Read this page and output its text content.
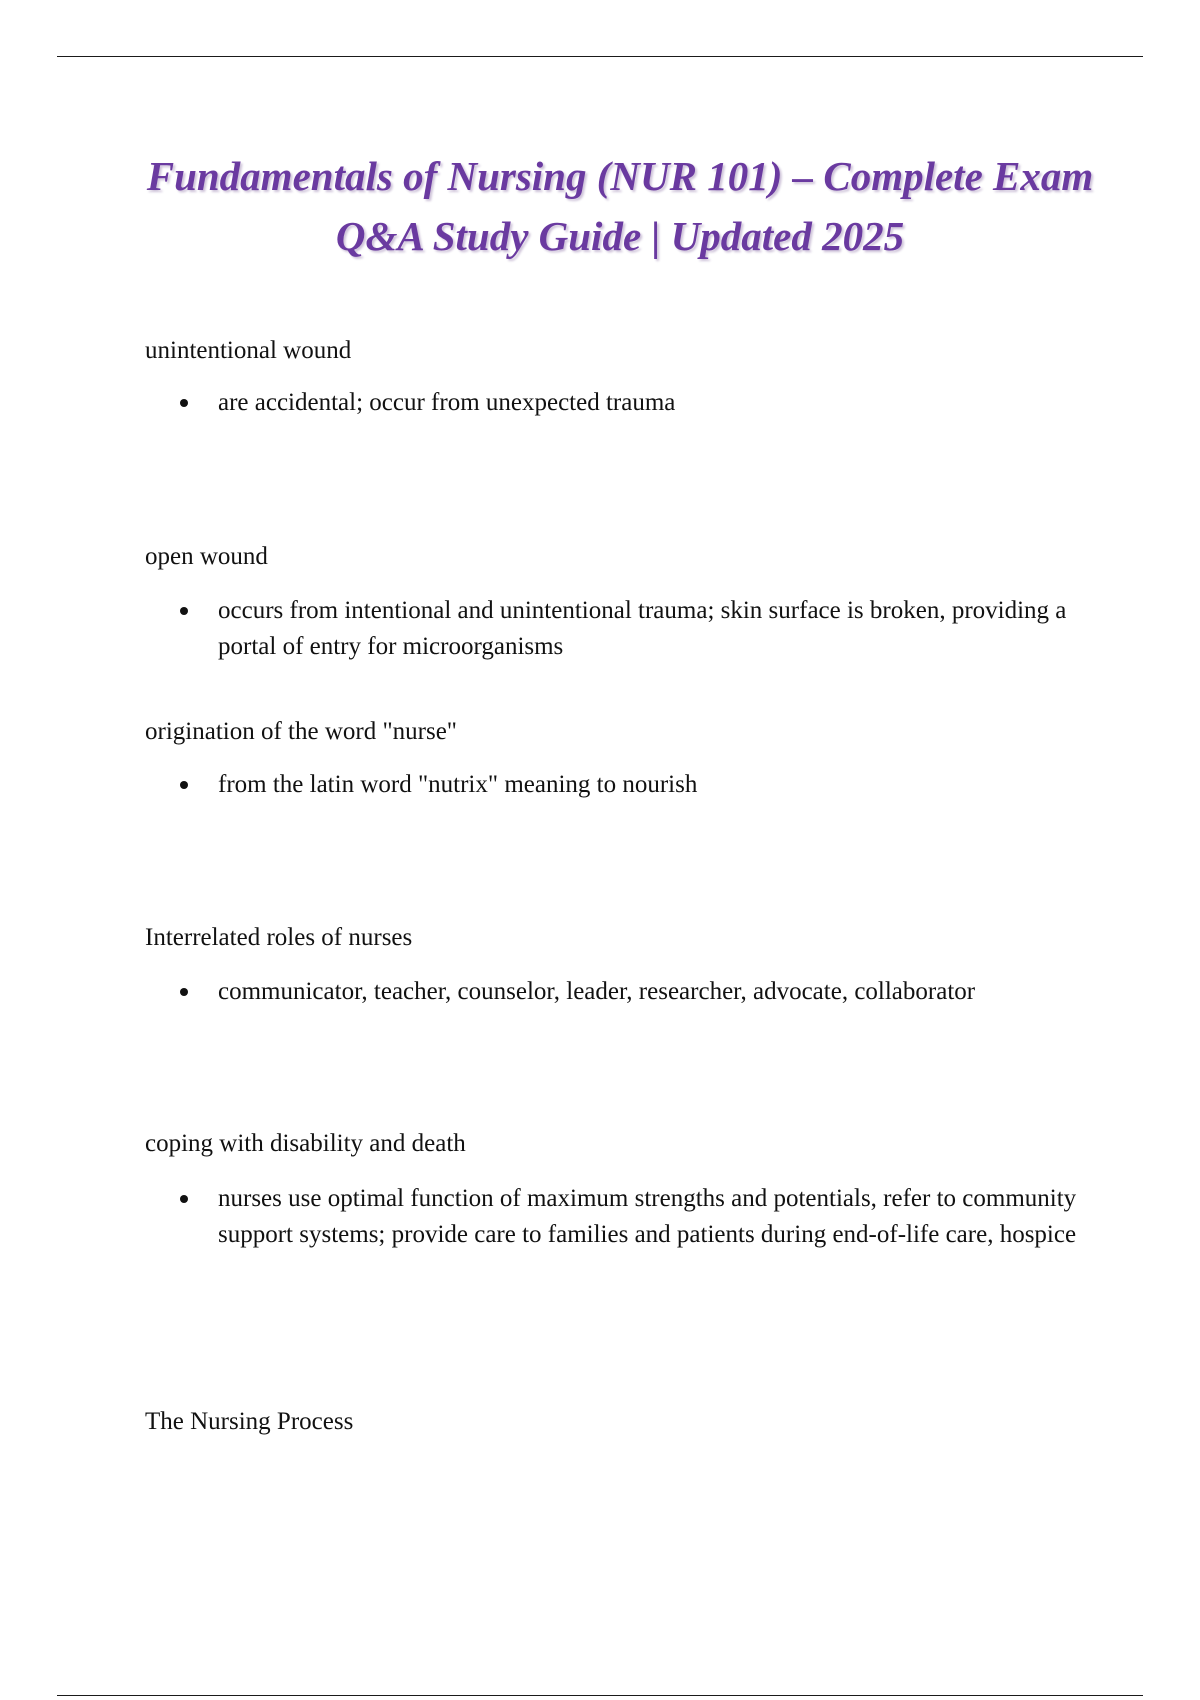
Fundamentals of Nursing (NUR 101) – Complete Exam Q&A Study Guide | Updated 2025

unintentional wound

are accidental; occur from unexpected trauma

open wound

occurs from intentional and unintentional trauma; skin surface is broken, providing a portal of entry for microorganisms

origination of the word "nurse"

from the latin word "nutrix" meaning to nourish

Interrelated roles of nurses

communicator, teacher, counselor, leader, researcher, advocate, collaborator

coping with disability and death

nurses use optimal function of maximum strengths and potentials, refer to community support systems; provide care to families and patients during end-of-life care, hospice

The Nursing Process
